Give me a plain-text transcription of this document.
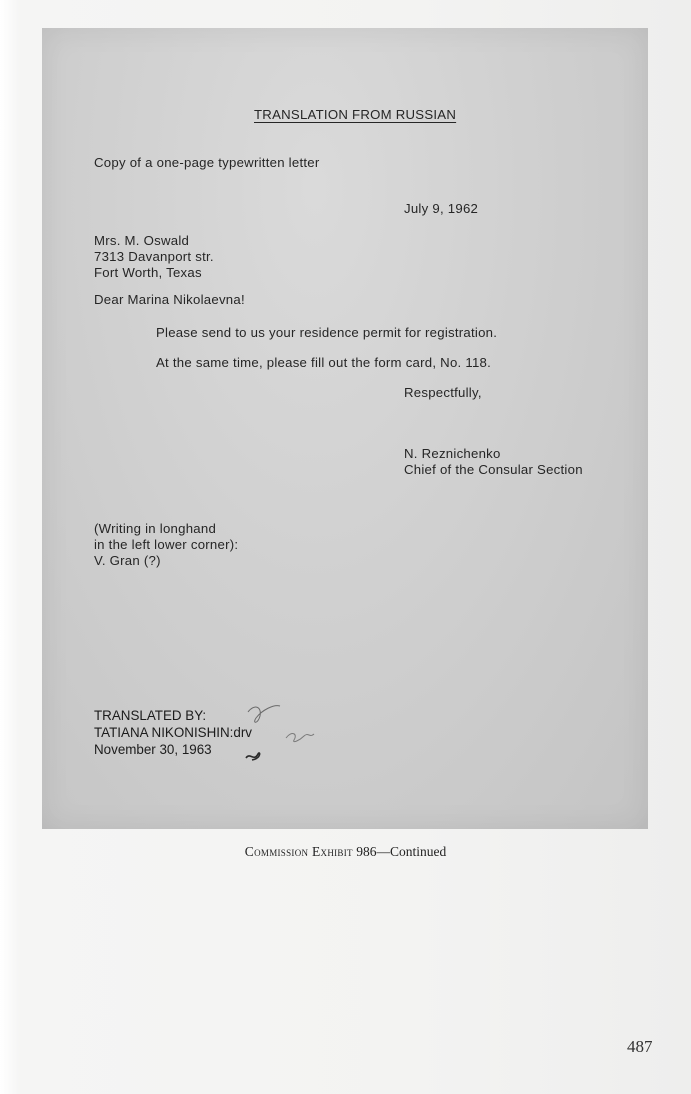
TRANSLATION FROM RUSSIAN
Copy of a one-page typewritten letter
July 9, 1962
Mrs. M. Oswald
7313 Davanport str.
Fort Worth, Texas
Dear Marina Nikolaevna!
Please send to us your residence permit for registration.
At the same time, please fill out the form card, No. 118.
Respectfully,
N. Reznichenko
Chief of the Consular Section
(Writing in longhand
in the left lower corner):
V. Gran (?)
TRANSLATED BY:
TATIANA NIKONISHIN:drv
November 30, 1963
Commission Exhibit 986—Continued
487
